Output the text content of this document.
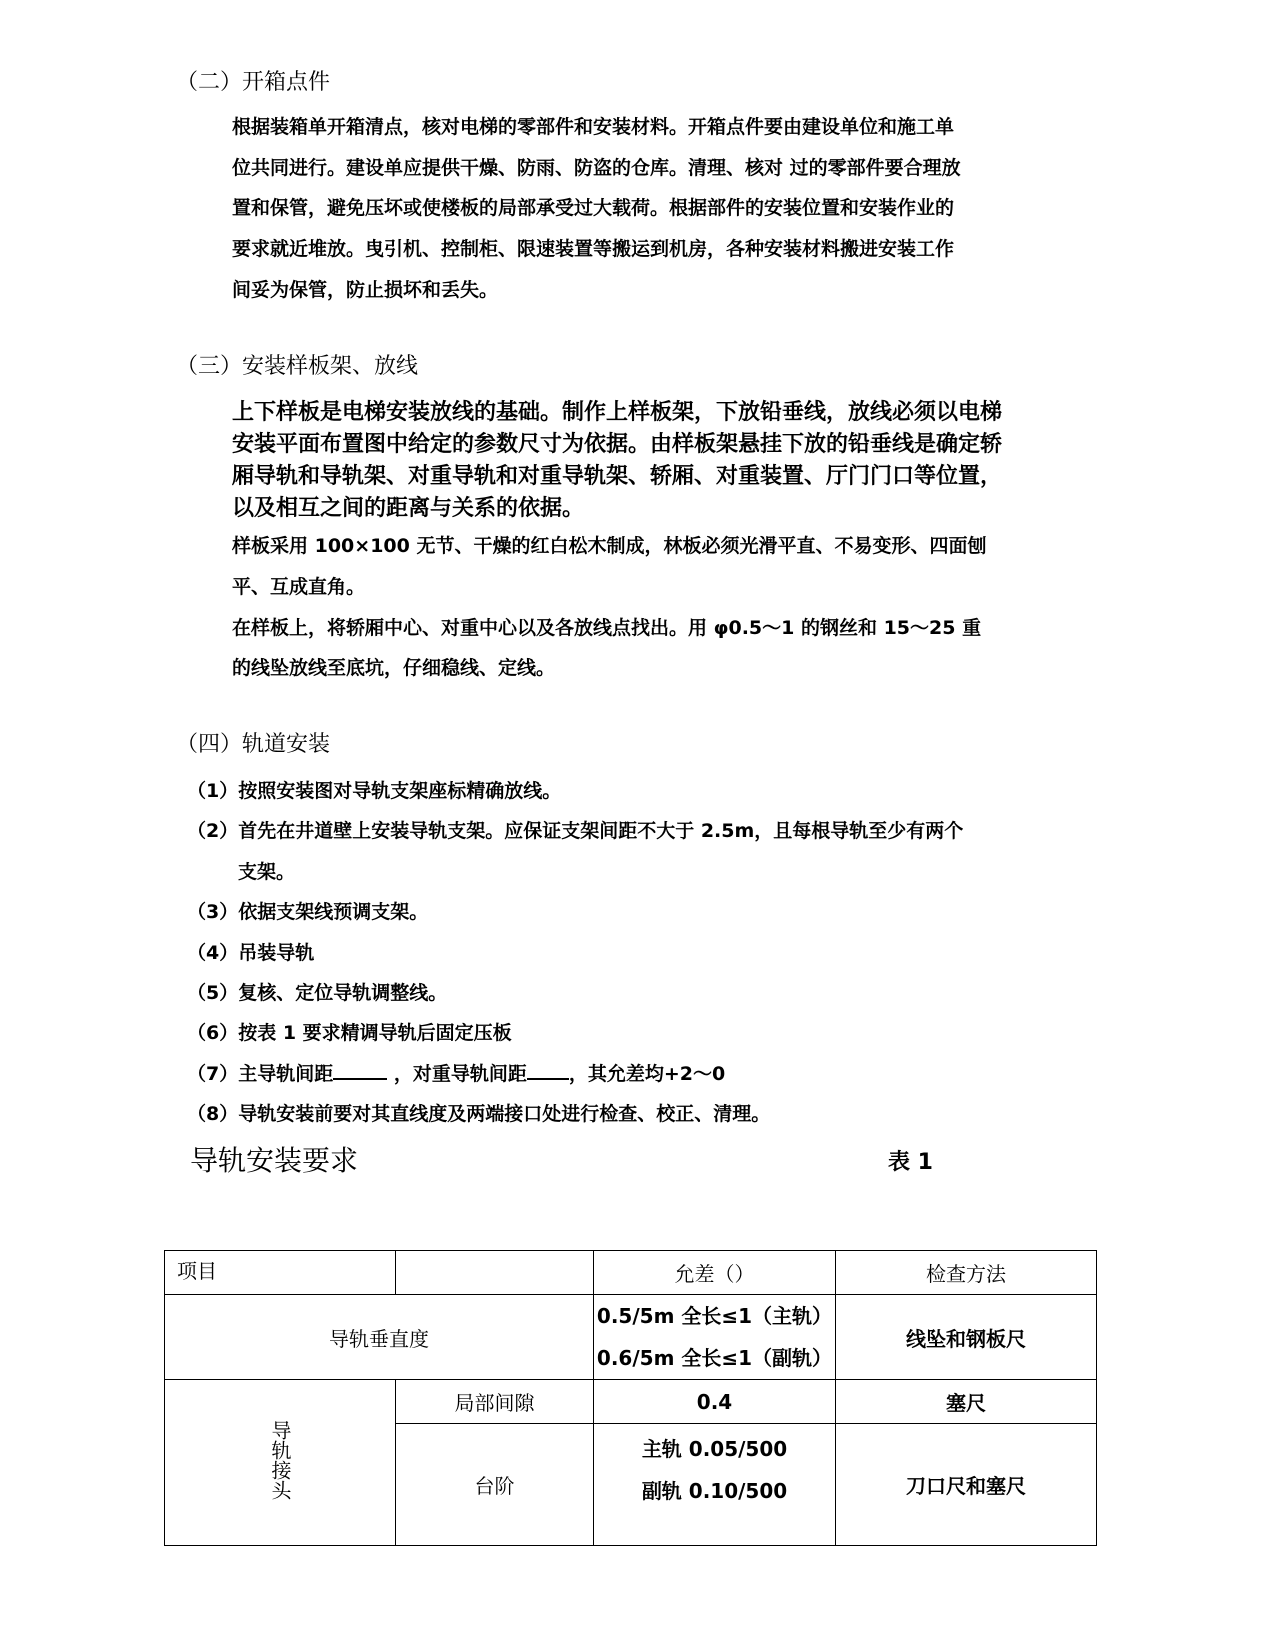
（二）开箱点件
根据装箱单开箱清点，核对电梯的零部件和安装材料。开箱点件要由建设单位和施工单
位共同进行。建设单应提供干燥、防雨、防盗的仓库。清理、核对 过的零部件要合理放
置和保管，避免压坏或使楼板的局部承受过大载荷。根据部件的安装位置和安装作业的
要求就近堆放。曳引机、控制柜、限速装置等搬运到机房，各种安装材料搬进安装工作
间妥为保管，防止损坏和丢失。
（三）安装样板架、放线
上下样板是电梯安装放线的基础。制作上样板架，下放铅垂线，放线必须以电梯
安装平面布置图中给定的参数尺寸为依据。由样板架悬挂下放的铅垂线是确定轿
厢导轨和导轨架、对重导轨和对重导轨架、轿厢、对重装置、厅门门口等位置，
以及相互之间的距离与关系的依据。
样板采用 100×100 无节、干燥的红白松木制成，林板必须光滑平直、不易变形、四面刨
平、互成直角。
在样板上，将轿厢中心、对重中心以及各放线点找出。用 φ0.5～1 的钢丝和 15～25 重
的线坠放线至底坑，仔细稳线、定线。
（四）轨道安装
（1）按照安装图对导轨支架座标精确放线。
（2）首先在井道壁上安装导轨支架。应保证支架间距不大于 2.5m，且每根导轨至少有两个
支架。
（3）依据支架线预调支架。
（4）吊装导轨
（5）复核、定位导轨调整线。
（6）按表 1 要求精调导轨后固定压板
（7）主导轨间距	，对重导轨间距 ，其允差均+2～0
（8）导轨安装前要对其直线度及两端接口处进行检查、校正、清理。
导轨安装要求	表 1
项目		允差（）	检查方法
导轨垂直度		0.5/5m 全长≤1（主轨）
0.6/5m 全长≤1（副轨）	线坠和钢板尺
导轨接头	局部间隙	0.4	塞尺
	台阶	主轨 0.05/500
副轨 0.10/500	刀口尺和塞尺
